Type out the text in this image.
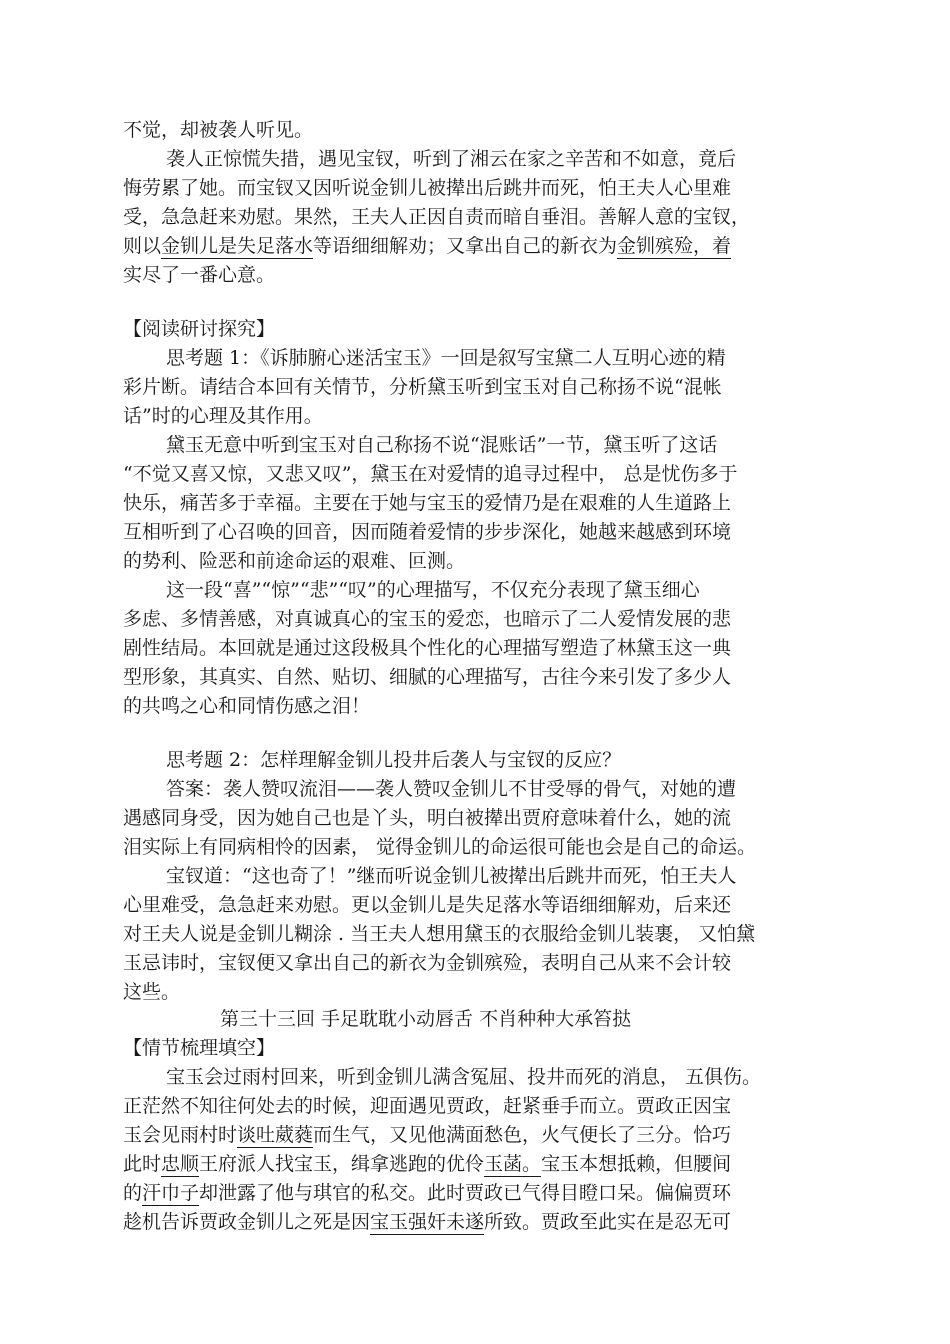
不觉，却被袭人听见。
袭人正惊慌失措，遇见宝钗，听到了湘云在家之辛苦和不如意，竟后
悔劳累了她。而宝钗又因听说金钏儿被撵出后跳井而死，怕王夫人心里难
受，急急赶来劝慰。果然，王夫人正因自责而暗自垂泪。善解人意的宝钗，
则以金钏儿是失足落水等语细细解劝；又拿出自己的新衣为金钏殡殓，着
实尽了一番心意。
【阅读研讨探究】
思考题 1：《诉肺腑心迷活宝玉》一回是叙写宝黛二人互明心迹的精
彩片断。请结合本回有关情节，分析黛玉听到宝玉对自己称扬不说“混帐
话”时的心理及其作用。
黛玉无意中听到宝玉对自己称扬不说“混账话”一节，黛玉听了这话
“不觉又喜又惊，又悲又叹”，黛玉在对爱情的追寻过程中， 总是忧伤多于
快乐，痛苦多于幸福。主要在于她与宝玉的爱情乃是在艰难的人生道路上
互相听到了心召唤的回音，因而随着爱情的步步深化，她越来越感到环境
的势利、险恶和前途命运的艰难、叵测。
这一段“喜”“惊”“悲”“叹”的心理描写，不仅充分表现了黛玉细心
多虑、多情善感，对真诚真心的宝玉的爱恋，也暗示了二人爱情发展的悲
剧性结局。本回就是通过这段极具个性化的心理描写塑造了林黛玉这一典
型形象，其真实、自然、贴切、细腻的心理描写，古往今来引发了多少人
的共鸣之心和同情伤感之泪！
思考题 2：怎样理解金钏儿投井后袭人与宝钗的反应？
答案：袭人赞叹流泪——袭人赞叹金钏儿不甘受辱的骨气，对她的遭
遇感同身受，因为她自己也是丫头，明白被撵出贾府意味着什么，她的流
泪实际上有同病相怜的因素， 觉得金钏儿的命运很可能也会是自己的命运。
宝钗道：“这也奇了！”继而听说金钏儿被撵出后跳井而死，怕王夫人
心里难受，急急赶来劝慰。更以金钏儿是失足落水等语细细解劝，后来还
对王夫人说是金钏儿糊涂 . 当王夫人想用黛玉的衣服给金钏儿装裹， 又怕黛
玉忌讳时，宝钗便又拿出自己的新衣为金钏殡殓，表明自己从来不会计较
这些。
第三十三回 手足耽耽小动唇舌 不肖种种大承笞挞
【情节梳理填空】
宝玉会过雨村回来，听到金钏儿满含冤屈、投井而死的消息， 五俱伤。
正茫然不知往何处去的时候，迎面遇见贾政，赶紧垂手而立。贾政正因宝
玉会见雨村时谈吐葳蕤而生气，又见他满面愁色，火气便长了三分。恰巧
此时忠顺王府派人找宝玉，缉拿逃跑的优伶玉菡。宝玉本想抵赖，但腰间
的汗巾子却泄露了他与琪官的私交。此时贾政已气得目瞪口呆。偏偏贾环
趁机告诉贾政金钏儿之死是因宝玉强奸未遂所致。贾政至此实在是忍无可
